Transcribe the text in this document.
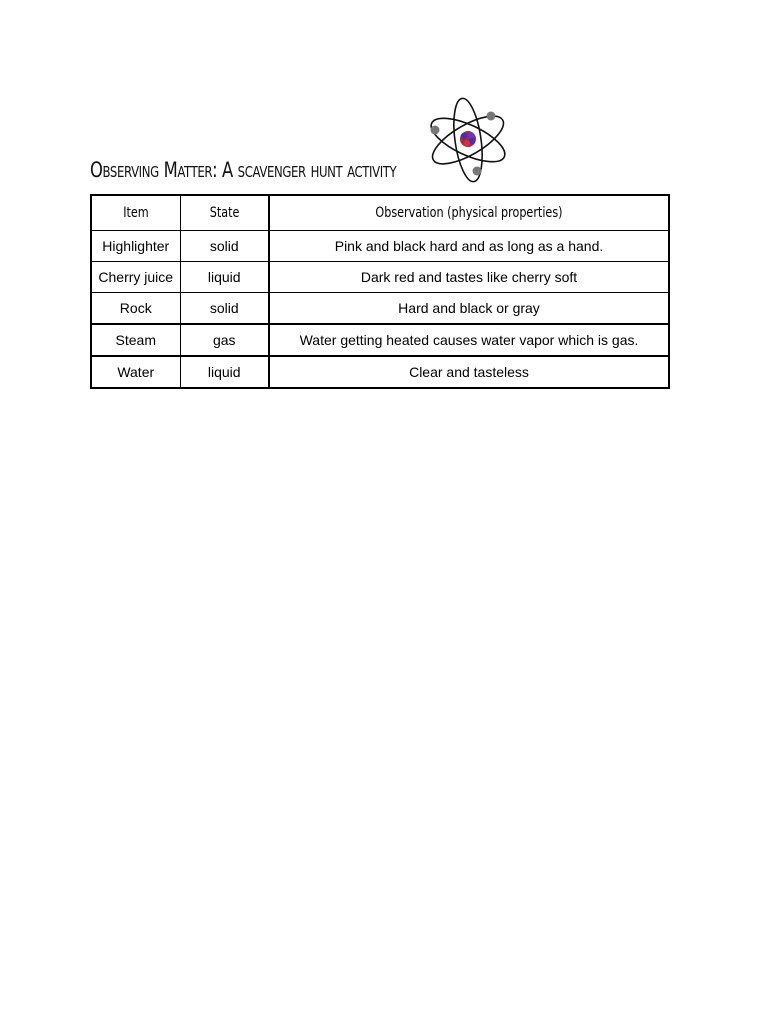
Observing Matter: A scavenger hunt activity
Item	State	Observation (physical properties)
Highlighter	solid	Pink and black hard and as long as a hand.
Cherry juice	liquid	Dark red and tastes like cherry soft
Rock	solid	Hard and black or gray
Steam	gas	Water getting heated causes water vapor which is gas.
Water	liquid	Clear and tasteless
